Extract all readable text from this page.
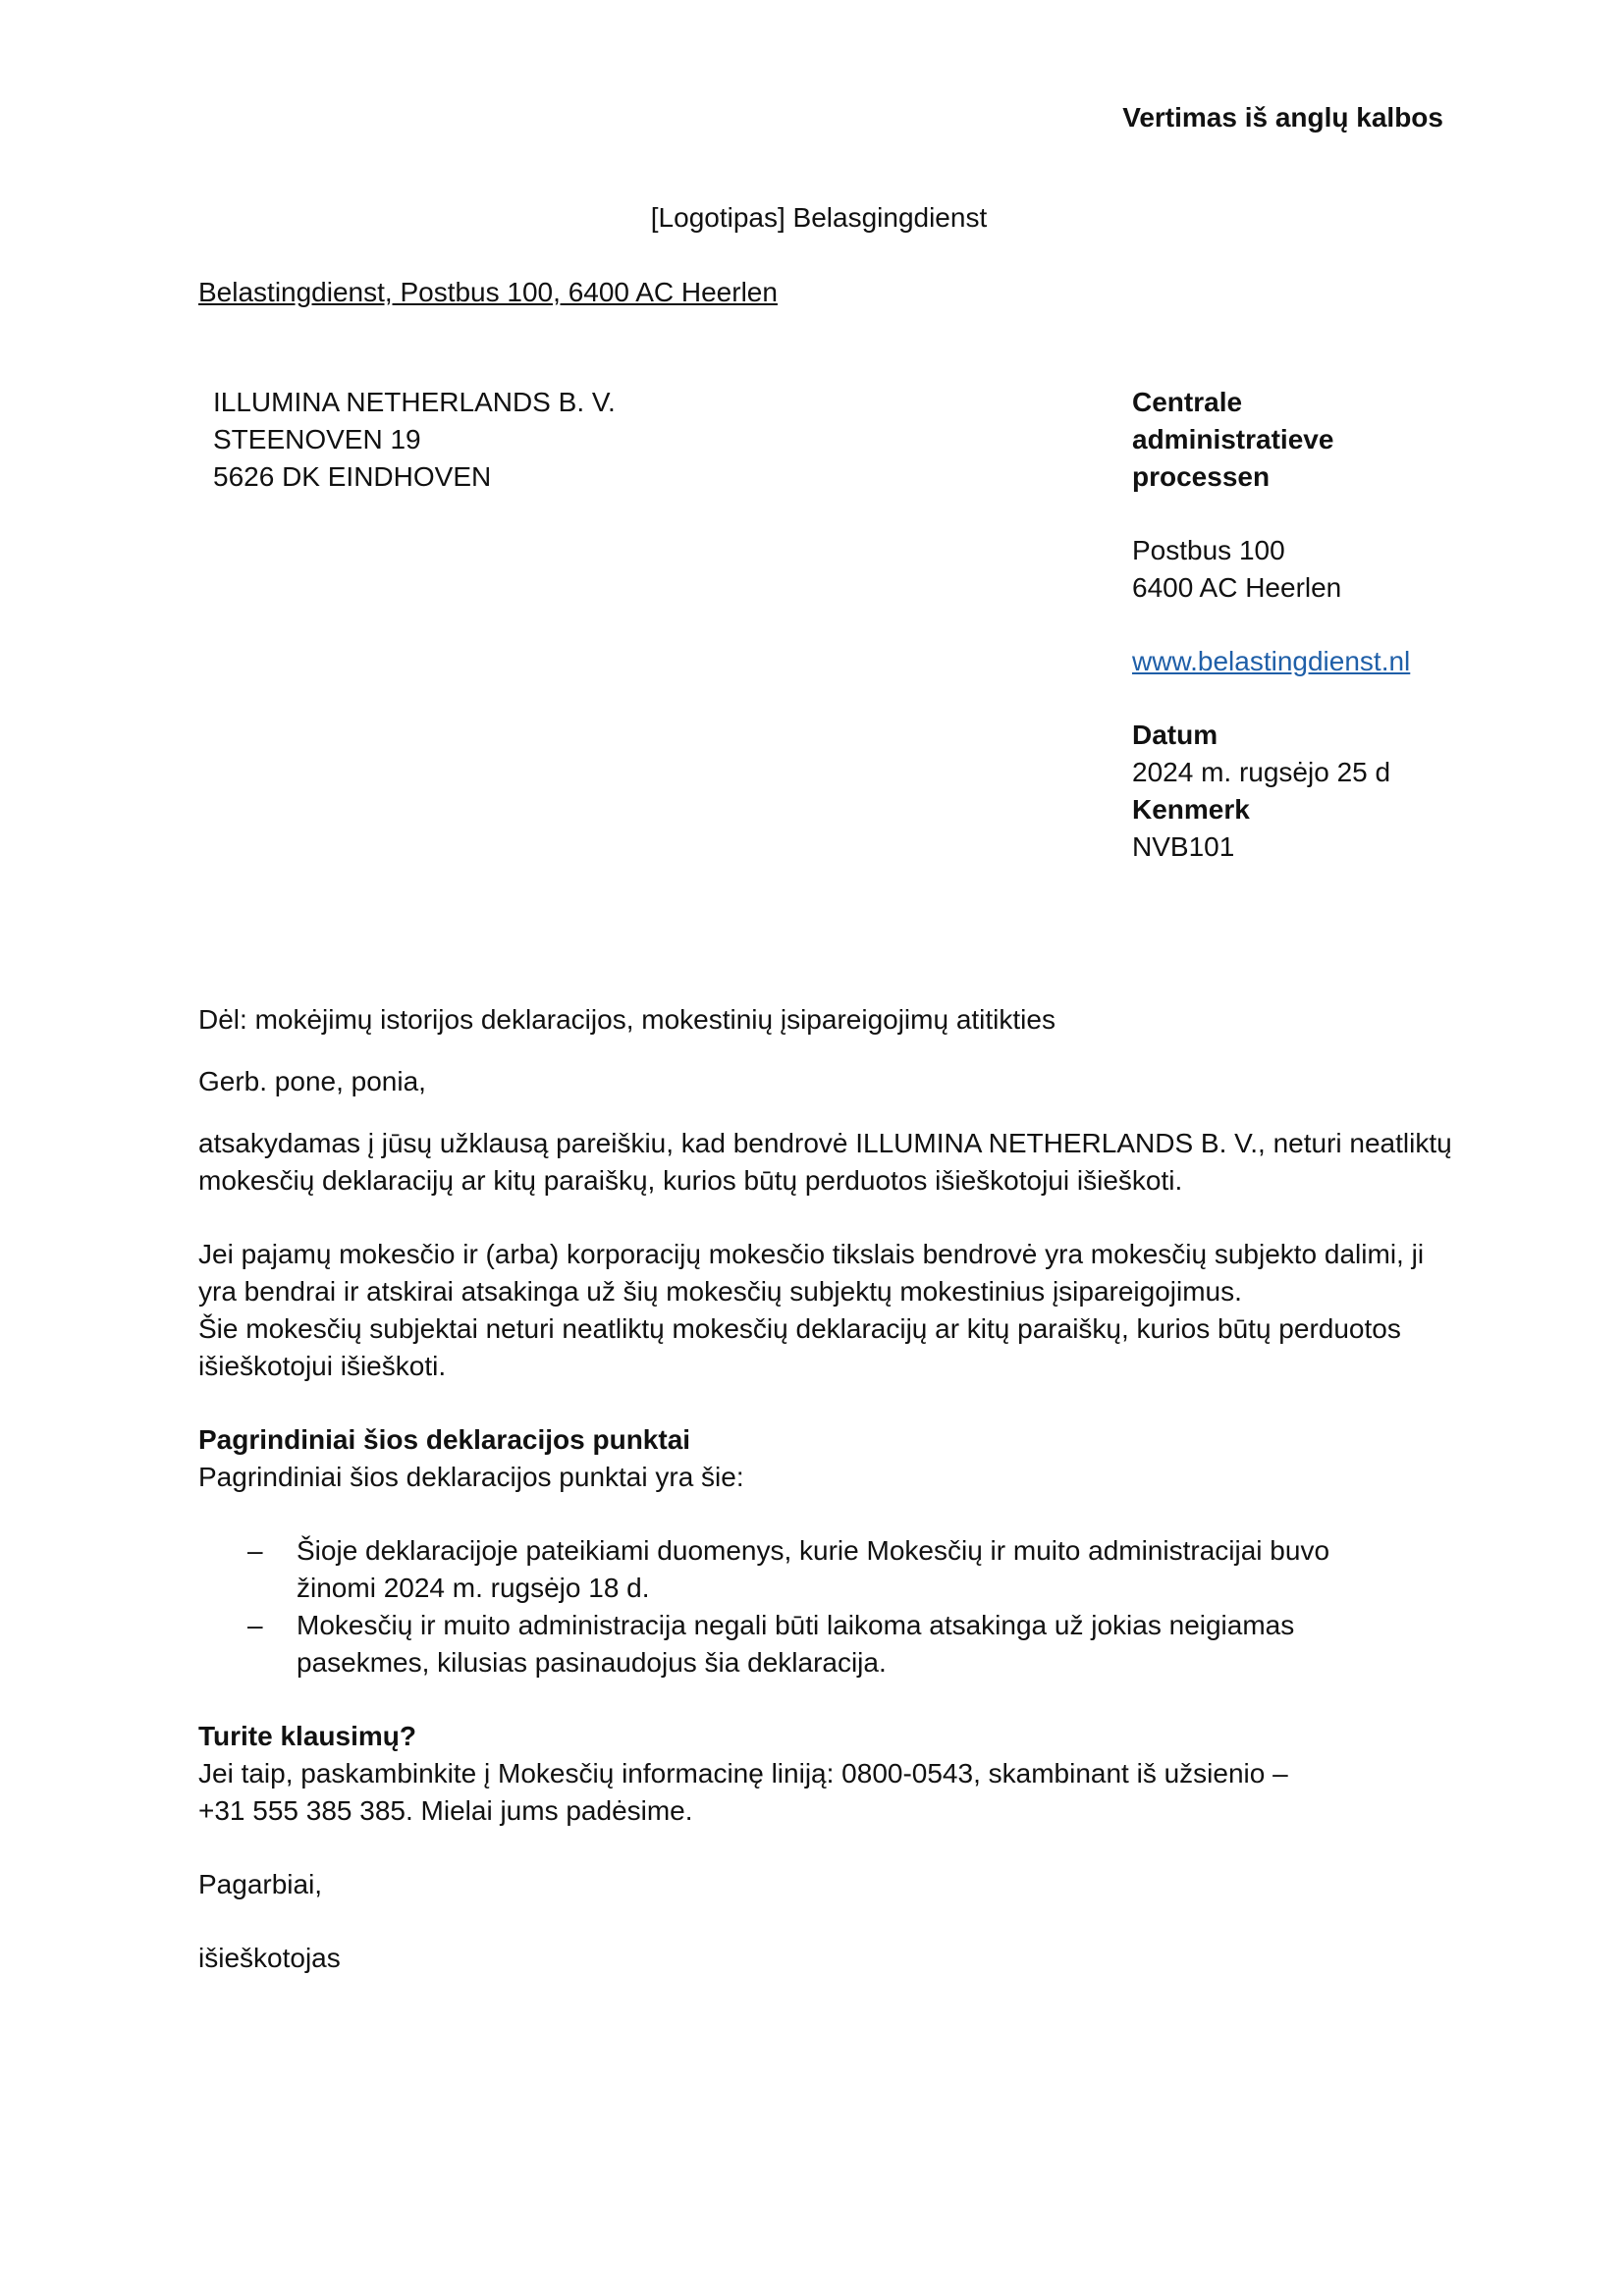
Vertimas iš anglų kalbos
[Logotipas] Belasgingdienst
Belastingdienst, Postbus 100, 6400 AC Heerlen
ILLUMINA NETHERLANDS B. V.
STEENOVEN 19
5626 DK EINDHOVEN
Centrale
administratieve
processen
Postbus 100
6400 AC Heerlen
www.belastingdienst.nl
Datum
2024 m. rugsėjo 25 d
Kenmerk
NVB101
Dėl: mokėjimų istorijos deklaracijos, mokestinių įsipareigojimų atitikties
Gerb. pone, ponia,
atsakydamas į jūsų užklausą pareiškiu, kad bendrovė ILLUMINA NETHERLANDS B. V., neturi neatliktų
mokesčių deklaracijų ar kitų paraiškų, kurios būtų perduotos išieškotojui išieškoti.
Jei pajamų mokesčio ir (arba) korporacijų mokesčio tikslais bendrovė yra mokesčių subjekto dalimi, ji
yra bendrai ir atskirai atsakinga už šių mokesčių subjektų mokestinius įsipareigojimus.
Šie mokesčių subjektai neturi neatliktų mokesčių deklaracijų ar kitų paraiškų, kurios būtų perduotos
išieškotojui išieškoti.
Pagrindiniai šios deklaracijos punktai
Pagrindiniai šios deklaracijos punktai yra šie:
– Šioje deklaracijoje pateikiami duomenys, kurie Mokesčių ir muito administracijai buvo
žinomi 2024 m. rugsėjo 18 d.
– Mokesčių ir muito administracija negali būti laikoma atsakinga už jokias neigiamas
pasekmes, kilusias pasinaudojus šia deklaracija.
Turite klausimų?
Jei taip, paskambinkite į Mokesčių informacinę liniją: 0800-0543, skambinant iš užsienio –
+31 555 385 385. Mielai jums padėsime.
Pagarbiai,
išieškotojas
